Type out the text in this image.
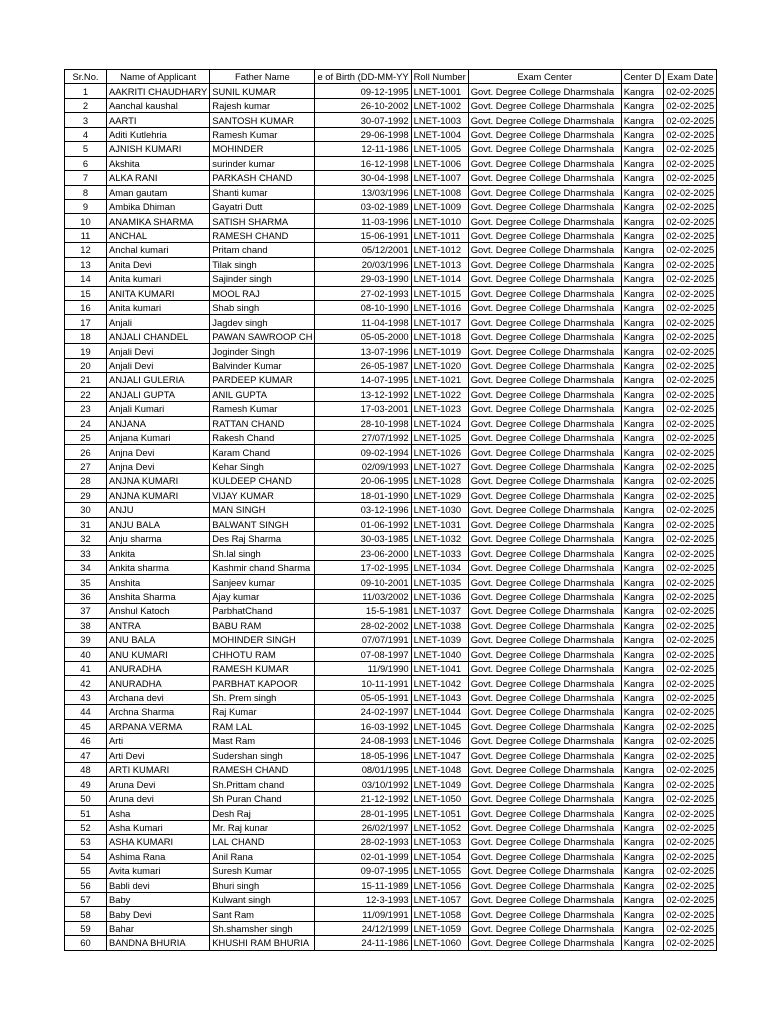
Sr.No.	Name of Applicant	Father Name	e of Birth (DD-MM-YY	Roll Number	Exam Center	Center D	Exam Date
1	AAKRITI CHAUDHARY	SUNIL KUMAR	09-12-1995	LNET-1001	Govt. Degree College Dharmshala	Kangra	02-02-2025
2	Aanchal kaushal	Rajesh kumar	26-10-2002	LNET-1002	Govt. Degree College Dharmshala	Kangra	02-02-2025
3	AARTI	SANTOSH KUMAR	30-07-1992	LNET-1003	Govt. Degree College Dharmshala	Kangra	02-02-2025
4	Aditi Kutlehria	Ramesh Kumar	29-06-1998	LNET-1004	Govt. Degree College Dharmshala	Kangra	02-02-2025
5	AJNISH KUMARI	MOHINDER	12-11-1986	LNET-1005	Govt. Degree College Dharmshala	Kangra	02-02-2025
6	Akshita	surinder kumar	16-12-1998	LNET-1006	Govt. Degree College Dharmshala	Kangra	02-02-2025
7	ALKA RANI	PARKASH CHAND	30-04-1998	LNET-1007	Govt. Degree College Dharmshala	Kangra	02-02-2025
8	Aman gautam	Shanti kumar	13/03/1996	LNET-1008	Govt. Degree College Dharmshala	Kangra	02-02-2025
9	Ambika Dhiman	Gayatri Dutt	03-02-1989	LNET-1009	Govt. Degree College Dharmshala	Kangra	02-02-2025
10	ANAMIKA SHARMA	SATISH SHARMA	11-03-1996	LNET-1010	Govt. Degree College Dharmshala	Kangra	02-02-2025
11	ANCHAL	RAMESH CHAND	15-06-1991	LNET-1011	Govt. Degree College Dharmshala	Kangra	02-02-2025
12	Anchal kumari	Pritam chand	05/12/2001	LNET-1012	Govt. Degree College Dharmshala	Kangra	02-02-2025
13	Anita Devi	Tilak singh	20/03/1996	LNET-1013	Govt. Degree College Dharmshala	Kangra	02-02-2025
14	Anita kumari	Sajinder singh	29-03-1990	LNET-1014	Govt. Degree College Dharmshala	Kangra	02-02-2025
15	ANITA KUMARI	MOOL RAJ	27-02-1993	LNET-1015	Govt. Degree College Dharmshala	Kangra	02-02-2025
16	Anita kumari	Shab singh	08-10-1990	LNET-1016	Govt. Degree College Dharmshala	Kangra	02-02-2025
17	Anjali	Jagdev singh	11-04-1998	LNET-1017	Govt. Degree College Dharmshala	Kangra	02-02-2025
18	ANJALI CHANDEL	PAWAN SAWROOP CH	05-05-2000	LNET-1018	Govt. Degree College Dharmshala	Kangra	02-02-2025
19	Anjali Devi	Joginder Singh	13-07-1996	LNET-1019	Govt. Degree College Dharmshala	Kangra	02-02-2025
20	Anjali Devi	Balvinder Kumar	26-05-1987	LNET-1020	Govt. Degree College Dharmshala	Kangra	02-02-2025
21	ANJALI GULERIA	PARDEEP KUMAR	14-07-1995	LNET-1021	Govt. Degree College Dharmshala	Kangra	02-02-2025
22	ANJALI GUPTA	ANIL GUPTA	13-12-1992	LNET-1022	Govt. Degree College Dharmshala	Kangra	02-02-2025
23	Anjali Kumari	Ramesh Kumar	17-03-2001	LNET-1023	Govt. Degree College Dharmshala	Kangra	02-02-2025
24	ANJANA	RATTAN CHAND	28-10-1998	LNET-1024	Govt. Degree College Dharmshala	Kangra	02-02-2025
25	Anjana Kumari	Rakesh Chand	27/07/1992	LNET-1025	Govt. Degree College Dharmshala	Kangra	02-02-2025
26	Anjna Devi	Karam Chand	09-02-1994	LNET-1026	Govt. Degree College Dharmshala	Kangra	02-02-2025
27	Anjna Devi	Kehar Singh	02/09/1993	LNET-1027	Govt. Degree College Dharmshala	Kangra	02-02-2025
28	ANJNA KUMARI	KULDEEP CHAND	20-06-1995	LNET-1028	Govt. Degree College Dharmshala	Kangra	02-02-2025
29	ANJNA KUMARI	VIJAY KUMAR	18-01-1990	LNET-1029	Govt. Degree College Dharmshala	Kangra	02-02-2025
30	ANJU	MAN SINGH	03-12-1996	LNET-1030	Govt. Degree College Dharmshala	Kangra	02-02-2025
31	ANJU BALA	BALWANT SINGH	01-06-1992	LNET-1031	Govt. Degree College Dharmshala	Kangra	02-02-2025
32	Anju sharma	Des Raj Sharma	30-03-1985	LNET-1032	Govt. Degree College Dharmshala	Kangra	02-02-2025
33	Ankita	Sh.lal singh	23-06-2000	LNET-1033	Govt. Degree College Dharmshala	Kangra	02-02-2025
34	Ankita sharma	Kashmir chand Sharma	17-02-1995	LNET-1034	Govt. Degree College Dharmshala	Kangra	02-02-2025
35	Anshita	Sanjeev kumar	09-10-2001	LNET-1035	Govt. Degree College Dharmshala	Kangra	02-02-2025
36	Anshita Sharma	Ajay kumar	11/03/2002	LNET-1036	Govt. Degree College Dharmshala	Kangra	02-02-2025
37	Anshul Katoch	ParbhatChand	15-5-1981	LNET-1037	Govt. Degree College Dharmshala	Kangra	02-02-2025
38	ANTRA	BABU RAM	28-02-2002	LNET-1038	Govt. Degree College Dharmshala	Kangra	02-02-2025
39	ANU BALA	MOHINDER SINGH	07/07/1991	LNET-1039	Govt. Degree College Dharmshala	Kangra	02-02-2025
40	ANU KUMARI	CHHOTU RAM	07-08-1997	LNET-1040	Govt. Degree College Dharmshala	Kangra	02-02-2025
41	ANURADHA	RAMESH KUMAR	11/9/1990	LNET-1041	Govt. Degree College Dharmshala	Kangra	02-02-2025
42	ANURADHA	PARBHAT KAPOOR	10-11-1991	LNET-1042	Govt. Degree College Dharmshala	Kangra	02-02-2025
43	Archana devi	Sh. Prem singh	05-05-1991	LNET-1043	Govt. Degree College Dharmshala	Kangra	02-02-2025
44	Archna Sharma	Raj Kumar	24-02-1997	LNET-1044	Govt. Degree College Dharmshala	Kangra	02-02-2025
45	ARPANA VERMA	RAM LAL	16-03-1992	LNET-1045	Govt. Degree College Dharmshala	Kangra	02-02-2025
46	Arti	Mast Ram	24-08-1993	LNET-1046	Govt. Degree College Dharmshala	Kangra	02-02-2025
47	Arti Devi	Sudershan singh	18-05-1996	LNET-1047	Govt. Degree College Dharmshala	Kangra	02-02-2025
48	ARTI KUMARI	RAMESH CHAND	08/01/1995	LNET-1048	Govt. Degree College Dharmshala	Kangra	02-02-2025
49	Aruna Devi	Sh.Prittam chand	03/10/1992	LNET-1049	Govt. Degree College Dharmshala	Kangra	02-02-2025
50	Aruna devi	Sh Puran Chand	21-12-1992	LNET-1050	Govt. Degree College Dharmshala	Kangra	02-02-2025
51	Asha	Desh Raj	28-01-1995	LNET-1051	Govt. Degree College Dharmshala	Kangra	02-02-2025
52	Asha Kumari	Mr. Raj kunar	26/02/1997	LNET-1052	Govt. Degree College Dharmshala	Kangra	02-02-2025
53	ASHA KUMARI	LAL CHAND	28-02-1993	LNET-1053	Govt. Degree College Dharmshala	Kangra	02-02-2025
54	Ashima Rana	Anil Rana	02-01-1999	LNET-1054	Govt. Degree College Dharmshala	Kangra	02-02-2025
55	Avita kumari	Suresh Kumar	09-07-1995	LNET-1055	Govt. Degree College Dharmshala	Kangra	02-02-2025
56	Babli devi	Bhuri singh	15-11-1989	LNET-1056	Govt. Degree College Dharmshala	Kangra	02-02-2025
57	Baby	Kulwant singh	12-3-1993	LNET-1057	Govt. Degree College Dharmshala	Kangra	02-02-2025
58	Baby Devi	Sant Ram	11/09/1991	LNET-1058	Govt. Degree College Dharmshala	Kangra	02-02-2025
59	Bahar	Sh.shamsher singh	24/12/1999	LNET-1059	Govt. Degree College Dharmshala	Kangra	02-02-2025
60	BANDNA BHURIA	KHUSHI RAM BHURIA	24-11-1986	LNET-1060	Govt. Degree College Dharmshala	Kangra	02-02-2025
